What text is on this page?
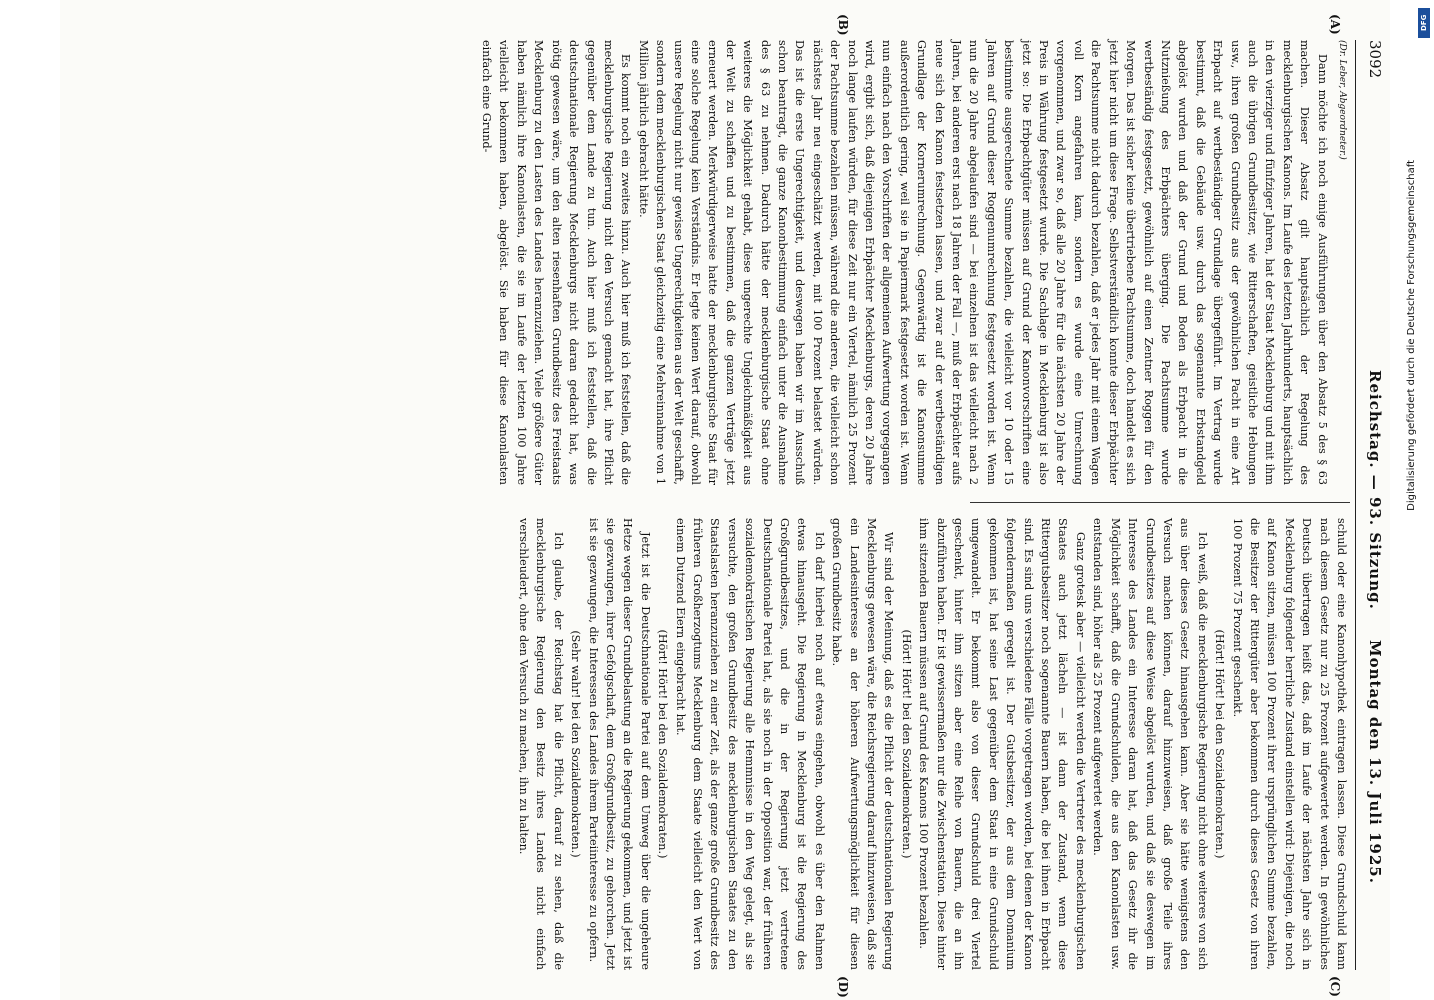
3092
Reichstag. — 93. Sitzung.
Montag den 13. Juli 1925.
(A)
(B)
(C)
(D)
(Dr. Leber, Abgeordneter.)

Dann möchte ich noch einige Ausführungen über den Absatz 5 des § 63 machen. Dieser Absatz gilt hauptsächlich der Regelung des mecklenburgischen Kanons. Im Laufe des letzten Jahrhunderts, hauptsächlich in den vierziger und fünfziger Jahren, hat der Staat Mecklenburg und mit ihm auch die übrigen Grundbesitzer, wie Ritterschaften, geistliche Hebungen usw., ihren großen Grundbesitz aus der gewöhnlichen Pacht in eine Art Erbpacht auf wertbeständiger Grundlage übergeführt. Im Vertrag wurde bestimmt, daß die Gebäude usw. durch das sogenannte Erbstandgeld abgelöst wurden und daß der Grund und Boden als Erbpacht in die Nutznießung des Erbpächters überging. Die Pachtsumme wurde wertbeständig festgesetzt, gewöhnlich auf einen Zentner Roggen für den Morgen. Das ist sicher keine übertriebene Pachtsumme, doch handelt es sich jetzt hier nicht um diese Frage. Selbstverständlich konnte dieser Erbpächter die Pachtsumme nicht dadurch bezahlen, daß er jedes Jahr mit einem Wagen voll Korn angefahren kam, sondern es wurde eine Umrechnung vorgenommen, und zwar so, daß alle 20 Jahre für die nächsten 20 Jahre der Preis in Währung festgesetzt wurde. Die Sachlage in Mecklenburg ist also jetzt so: Die Erbpachtgüter müssen auf Grund der Kanonvorschriften eine bestimmte ausgerechnete Summe bezahlen, die vielleicht vor 10 oder 15 Jahren auf Grund dieser Roggenumrechnung festgesetzt worden ist. Wenn nun die 20 Jahre abgelaufen sind — bei einzelnen ist das vielleicht nach 2 Jahren, bei anderen erst nach 18 Jahren der Fall —, muß der Erbpächter aufs neue sich den Kanon festsetzen lassen, und zwar auf der wertbeständigen Grundlage der Kornerumrechnung. Gegenwärtig ist die Kanonsumme außerordentlich gering, weil sie in Papiermark festgesetzt worden ist. Wenn nun einfach nach den Vorschriften der allgemeinen Aufwertung vorgegangen wird, ergibt sich, daß diejenigen Erbpächter Mecklenburgs, deren 20 Jahre noch lange laufen würden, für diese Zeit nur ein Viertel, nämlich 25 Prozent der Pachtsumme bezahlen müssen, während die anderen, die vielleicht schon nächstes Jahr neu eingeschätzt werden, mit 100 Prozent belastet würden. Das ist die erste Ungerechtigkeit, und deswegen haben wir im Ausschuß schon beantragt, die ganze Kanonbestimmung einfach unter die Ausnahme des § 63 zu nehmen. Dadurch hätte der mecklenburgische Staat ohne weiteres die Möglichkeit gehabt, diese ungerechte Ungleichmäßigkeit aus der Welt zu schaffen und zu bestimmen, daß die ganzen Verträge jetzt erneuert werden. Merkwürdigerweise hatte der mecklenburgische Staat für eine solche Regelung kein Verständnis. Er legte keinen Wert darauf, obwohl unsere Regelung nicht nur gewisse Ungerechtigkeiten aus der Welt geschafft, sondern dem mecklenburgischen Staat gleichzeitig eine Mehreinnahme von 1 Million jährlich gebracht hätte.

Es kommt noch ein zweites hinzu. Auch hier muß ich feststellen, daß die mecklenburgische Regierung nicht den Versuch gemacht hat, ihre Pflicht gegenüber dem Lande zu tun. Auch hier muß ich feststellen, daß die deutschnationale Regierung Mecklenburgs nicht daran gedacht hat, was nötig gewesen wäre, um den alten riesenhaften Grundbesitz des Freistaats Mecklenburg zu den Lasten des Landes heranzuziehen. Viele größere Güter haben nämlich ihre Kanonlasten, die sie im Laufe der letzten 100 Jahre vielleicht bekommen haben, abgelöst. Sie haben für diese Kanonlasten einfach eine Grund-

schuld oder eine Kanonhypothek eintragen lassen. Diese Grundschuld kann nach diesem Gesetz nur zu 25 Prozent aufgewertet werden. In gewöhnliches Deutsch übertragen heißt das, daß im Laufe der nächsten Jahre sich in Mecklenburg folgender herrliche Zustand einstellen wird: Diejenigen, die noch auf Kanon sitzen, müssen 100 Prozent ihrer ursprünglichen Summe bezahlen, die Besitzer der Rittergüter aber bekommen durch dieses Gesetz von ihren 100 Prozent 75 Prozent geschenkt.

(Hört! Hört! bei den Sozialdemokraten.)

Ich weiß, daß die mecklenburgische Regierung nicht ohne weiteres von sich aus über dieses Gesetz hinausgehen kann. Aber sie hätte wenigstens den Versuch machen können, darauf hinzuweisen, daß große Teile ihres Grundbesitzes auf diese Weise abgelöst wurden, und daß sie deswegen im Interesse des Landes ein Interesse daran hat, daß das Gesetz ihr die Möglichkeit schafft, daß die Grundschulden, die aus den Kanonlasten usw. entstanden sind, höher als 25 Prozent aufgewertet werden.

Ganz grotesk aber — vielleicht werden die Vertreter des mecklenburgischen Staates auch jetzt lächeln — ist dann der Zustand, wenn diese Rittergutsbesitzer noch sogenannte Bauern haben, die bei ihnen in Erbpacht sind. Es sind uns verschiedene Fälle vorgetragen worden, bei denen der Kanon folgendermaßen geregelt ist. Der Gutsbesitzer, der aus dem Domanium gekommen ist, hat seine Last gegenüber dem Staat in eine Grundschuld umgewandelt. Er bekommt also von dieser Grundschuld drei Viertel geschenkt, hinter ihm sitzen aber eine Reihe von Bauern, die an ihn abzuführen haben. Er ist gewissermaßen nur die Zwischenstation. Diese hinter ihm sitzenden Bauern müssen auf Grund des Kanons 100 Prozent bezahlen.

(Hört! Hört! bei den Sozialdemokraten.)

Wir sind der Meinung, daß es die Pflicht der deutschnationalen Regierung Mecklenburgs gewesen wäre, die Reichsregierung darauf hinzuweisen, daß sie ein Landesinteresse an der höheren Aufwertungsmöglichkeit für diesen großen Grundbesitz habe.

Ich darf hierbei noch auf etwas eingehen, obwohl es über den Rahmen etwas hinausgeht. Die Regierung in Mecklenburg ist die Regierung des Großgrundbesitzes, und die in der Regierung jetzt vertretene Deutschnationale Partei hat, als sie noch in der Opposition war, der früheren sozialdemokratischen Regierung alle Hemmnisse in den Weg gelegt, als sie versuchte, den großen Grundbesitz des mecklenburgischen Staates zu den Staatslasten heranzuziehen zu einer Zeit, als der ganze große Grundbesitz des früheren Großherzogtums Mecklenburg dem Staate vielleicht den Wert von einem Dutzend Eiern eingebracht hat.

(Hört! Hört! bei den Sozialdemokraten.)

Jetzt ist die Deutschnationale Partei auf dem Umweg über die ungeheure Hetze wegen dieser Grundbelastung an die Regierung gekommen, und jetzt ist sie gezwungen, ihrer Gefolgschaft, dem Großgrundbesitz, zu gehorchen. Jetzt ist sie gezwungen, die Interessen des Landes ihrem Parteiinteresse zu opfern.

(Sehr wahr! bei den Sozialdemokraten.)

Ich glaube, der Reichstag hat die Pflicht, darauf zu sehen, daß die mecklenburgische Regierung den Besitz ihres Landes nicht einfach verschleudert, ohne den Versuch zu machen, ihn zu halten.

DFG
Digitalisierung gefördert durch die Deutsche Forschungsgemeinschaft
